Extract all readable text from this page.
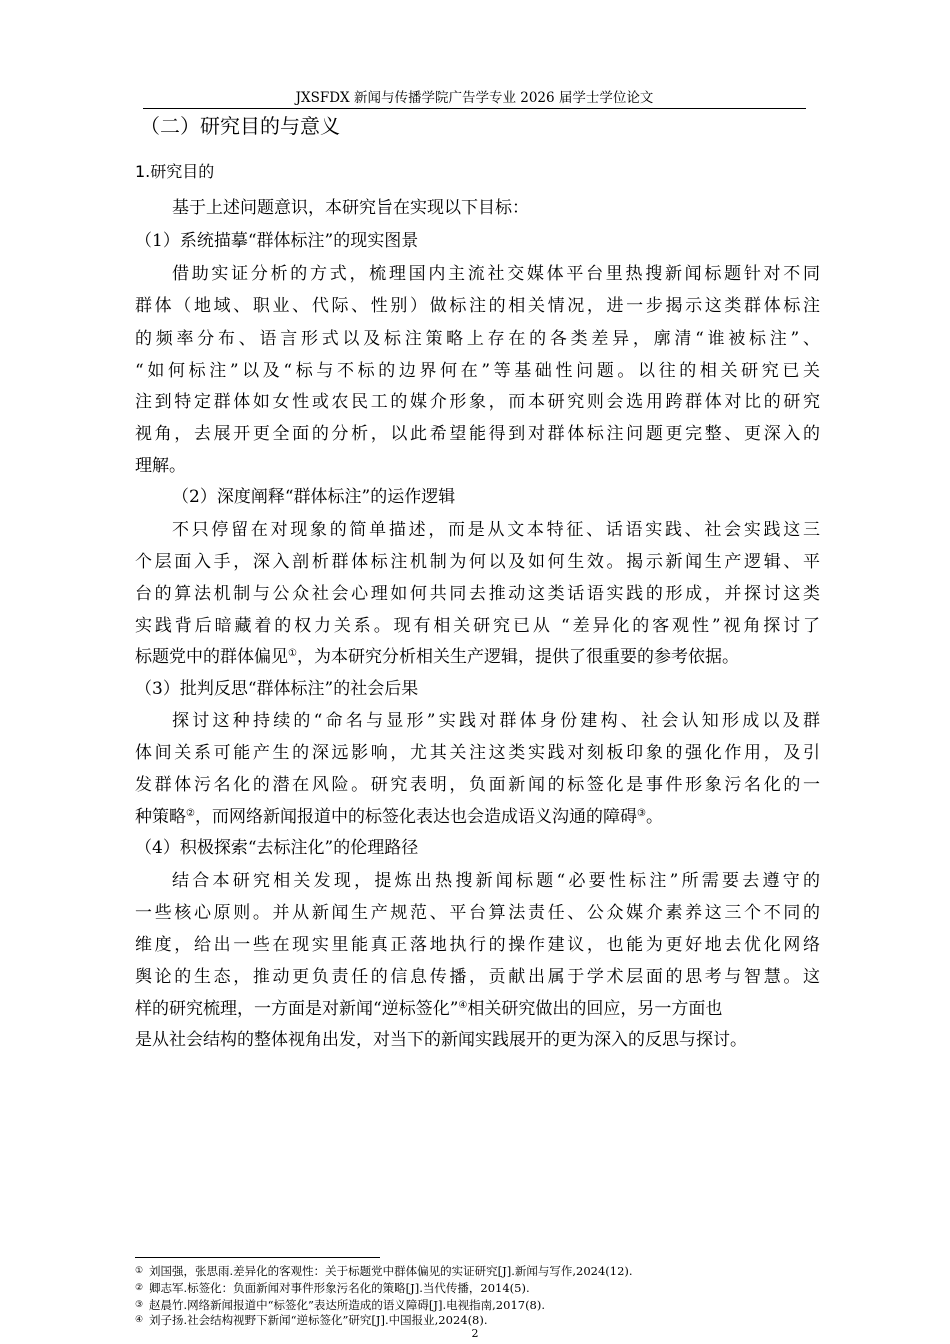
JXSFDX 新闻与传播学院广告学专业 2026 届学士学位论文
（二）研究目的与意义
1.研究目的
基于上述问题意识，本研究旨在实现以下目标：
（1）系统描摹“群体标注”的现实图景
借助实证分析的方式，梳理国内主流社交媒体平台里热搜新闻标题针对不同
群体（地域、职业、代际、性别）做标注的相关情况，进一步揭示这类群体标注
的频率分布、语言形式以及标注策略上存在的各类差异，廓清“谁被标注”、
“如何标注”以及“标与不标的边界何在”等基础性问题。以往的相关研究已关
注到特定群体如女性或农民工的媒介形象，而本研究则会选用跨群体对比的研究
视角，去展开更全面的分析，以此希望能得到对群体标注问题更完整、更深入的
理解。
（2）深度阐释“群体标注”的运作逻辑
不只停留在对现象的简单描述，而是从文本特征、话语实践、社会实践这三
个层面入手，深入剖析群体标注机制为何以及如何生效。揭示新闻生产逻辑、平
台的算法机制与公众社会心理如何共同去推动这类话语实践的形成，并探讨这类
实践背后暗藏着的权力关系。现有相关研究已从 “差异化的客观性”视角探讨了
标题党中的群体偏见①，为本研究分析相关生产逻辑，提供了很重要的参考依据。
（3）批判反思“群体标注”的社会后果
探讨这种持续的“命名与显形”实践对群体身份建构、社会认知形成以及群
体间关系可能产生的深远影响，尤其关注这类实践对刻板印象的强化作用，及引
发群体污名化的潜在风险。研究表明，负面新闻的标签化是事件形象污名化的一
种策略②，而网络新闻报道中的标签化表达也会造成语义沟通的障碍③。
（4）积极探索“去标注化”的伦理路径
结合本研究相关发现，提炼出热搜新闻标题“必要性标注”所需要去遵守的
一些核心原则。并从新闻生产规范、平台算法责任、公众媒介素养这三个不同的
维度，给出一些在现实里能真正落地执行的操作建议，也能为更好地去优化网络
舆论的生态，推动更负责任的信息传播，贡献出属于学术层面的思考与智慧。这
样的研究梳理，一方面是对新闻“逆标签化”④相关研究做出的回应，另一方面也
是从社会结构的整体视角出发，对当下的新闻实践展开的更为深入的反思与探讨。
① 刘国强，张思雨.差异化的客观性：关于标题党中群体偏见的实证研究[J].新闻与写作,2024(12).
② 卿志军.标签化：负面新闻对事件形象污名化的策略[J].当代传播，2014(5).
③ 赵晨竹.网络新闻报道中“标签化”表达所造成的语义障碍[J].电视指南,2017(8).
④ 刘子扬.社会结构视野下新闻“逆标签化”研究[J].中国报业,2024(8).
2
